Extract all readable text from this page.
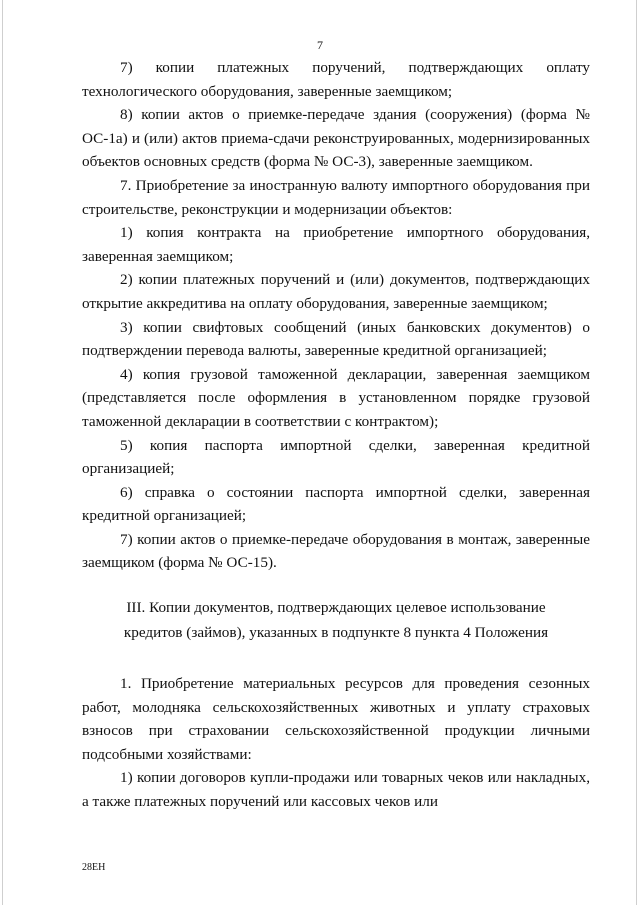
7

7) копии платежных поручений, подтверждающих оплату технологического оборудования, заверенные заемщиком;

8) копии актов о приемке-передаче здания (сооружения) (форма № ОС-1а) и (или) актов приема-сдачи реконструированных, модернизированных объектов основных средств (форма № ОС-3), заверенные заемщиком.

7. Приобретение за иностранную валюту импортного оборудования при строительстве, реконструкции и модернизации объектов:

1) копия контракта на приобретение импортного оборудования, заверенная заемщиком;

2) копии платежных поручений и (или) документов, подтверждающих открытие аккредитива на оплату оборудования, заверенные заемщиком;

3) копии свифтовых сообщений (иных банковских документов) о подтверждении перевода валюты, заверенные кредитной организацией;

4) копия грузовой таможенной декларации, заверенная заемщиком (представляется после оформления в установленном порядке грузовой таможенной декларации в соответствии с контрактом);

5) копия паспорта импортной сделки, заверенная кредитной организацией;

6) справка о состоянии паспорта импортной сделки, заверенная кредитной организацией;

7) копии актов о приемке-передаче оборудования в монтаж, заверенные заемщиком (форма № ОС-15).

III. Копии документов, подтверждающих целевое использование
кредитов (займов), указанных в подпункте 8 пункта 4 Положения

1. Приобретение материальных ресурсов для проведения сезонных работ, молодняка сельскохозяйственных животных и уплату страховых взносов при страховании сельскохозяйственной продукции личными подсобными хозяйствами:

1) копии договоров купли-продажи или товарных чеков или накладных, а также платежных поручений или кассовых чеков или

28ЕН
